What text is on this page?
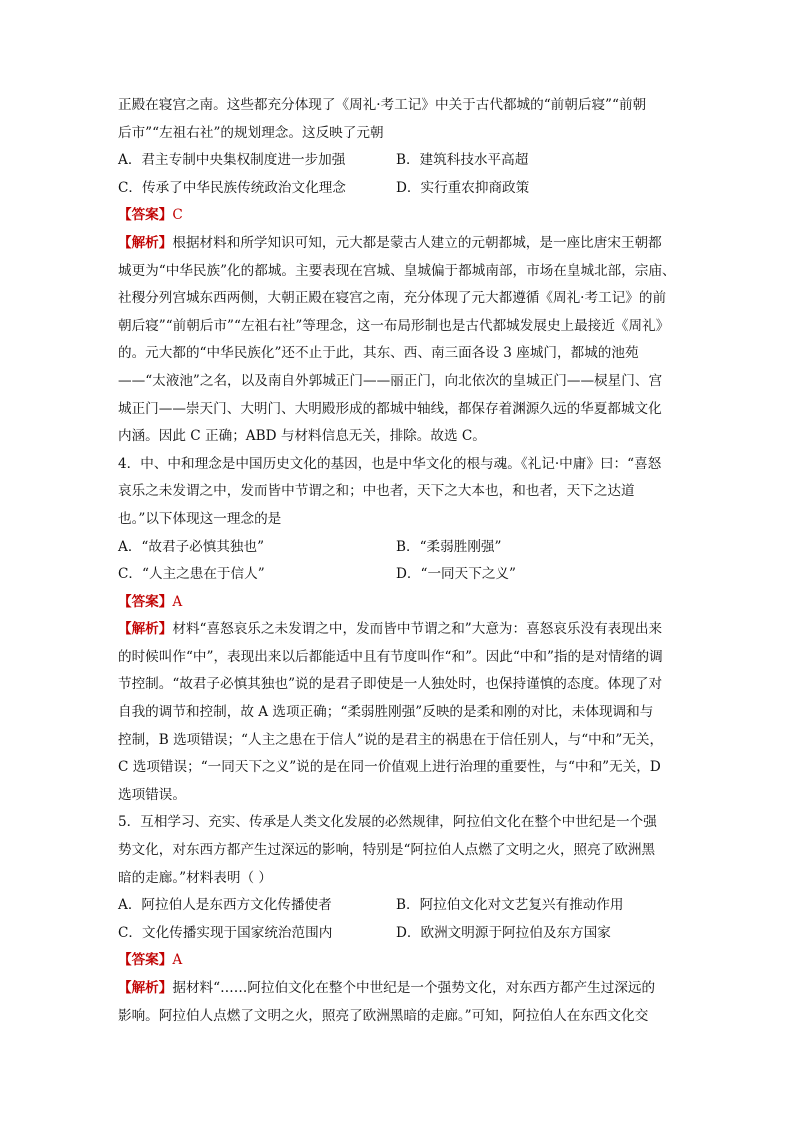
正殿在寝宫之南。这些都充分体现了《周礼·考工记》中关于古代都城的“前朝后寝”“前朝
后市”“左祖右社”的规划理念。这反映了元朝
A．君主专制中央集权制度进一步加强	B．建筑科技水平高超
C．传承了中华民族传统政治文化理念	D．实行重农抑商政策
【答案】C
【解析】根据材料和所学知识可知，元大都是蒙古人建立的元朝都城，是一座比唐宋王朝都
城更为“中华民族”化的都城。主要表现在宫城、皇城偏于都城南部，市场在皇城北部，宗庙、
社稷分列宫城东西两侧，大朝正殿在寝宫之南，充分体现了元大都遵循《周礼·考工记》的前
朝后寝”“前朝后市”“左祖右社”等理念，这一布局形制也是古代都城发展史上最接近《周礼》
的。元大都的“中华民族化”还不止于此，其东、西、南三面各设 3 座城门，都城的池苑
——“太液池”之名，以及南自外郭城正门——丽正门，向北依次的皇城正门——棂星门、宫
城正门——崇天门、大明门、大明殿形成的都城中轴线，都保存着渊源久远的华夏都城文化
内涵。因此 C 正确；ABD 与材料信息无关，排除。故选 C。
4．中、中和理念是中国历史文化的基因，也是中华文化的根与魂。《礼记·中庸》曰：“喜怒
哀乐之未发谓之中，发而皆中节谓之和；中也者，天下之大本也，和也者，天下之达道
也。”以下体现这一理念的是
A．“故君子必慎其独也”	B．“柔弱胜刚强”
C．“人主之患在于信人”	D．“一同天下之义”
【答案】A
【解析】材料“喜怒哀乐之未发谓之中，发而皆中节谓之和”大意为：喜怒哀乐没有表现出来
的时候叫作“中”，表现出来以后都能适中且有节度叫作“和”。因此“中和”指的是对情绪的调
节控制。“故君子必慎其独也”说的是君子即使是一人独处时，也保持谨慎的态度。体现了对
自我的调节和控制，故 A 选项正确；“柔弱胜刚强”反映的是柔和刚的对比，未体现调和与
控制，B 选项错误；“人主之患在于信人”说的是君主的祸患在于信任别人，与“中和”无关，
C 选项错误；“一同天下之义”说的是在同一价值观上进行治理的重要性，与“中和”无关，D
选项错误。
5．互相学习、充实、传承是人类文化发展的必然规律，阿拉伯文化在整个中世纪是一个强
势文化，对东西方都产生过深远的影响，特别是“阿拉伯人点燃了文明之火，照亮了欧洲黑
暗的走廊。”材料表明（ ）
A．阿拉伯人是东西方文化传播使者	B．阿拉伯文化对文艺复兴有推动作用
C．文化传播实现于国家统治范围内	D．欧洲文明源于阿拉伯及东方国家
【答案】A
【解析】据材料“……阿拉伯文化在整个中世纪是一个强势文化，对东西方都产生过深远的
影响。阿拉伯人点燃了文明之火，照亮了欧洲黑暗的走廊。”可知，阿拉伯人在东西文化交
